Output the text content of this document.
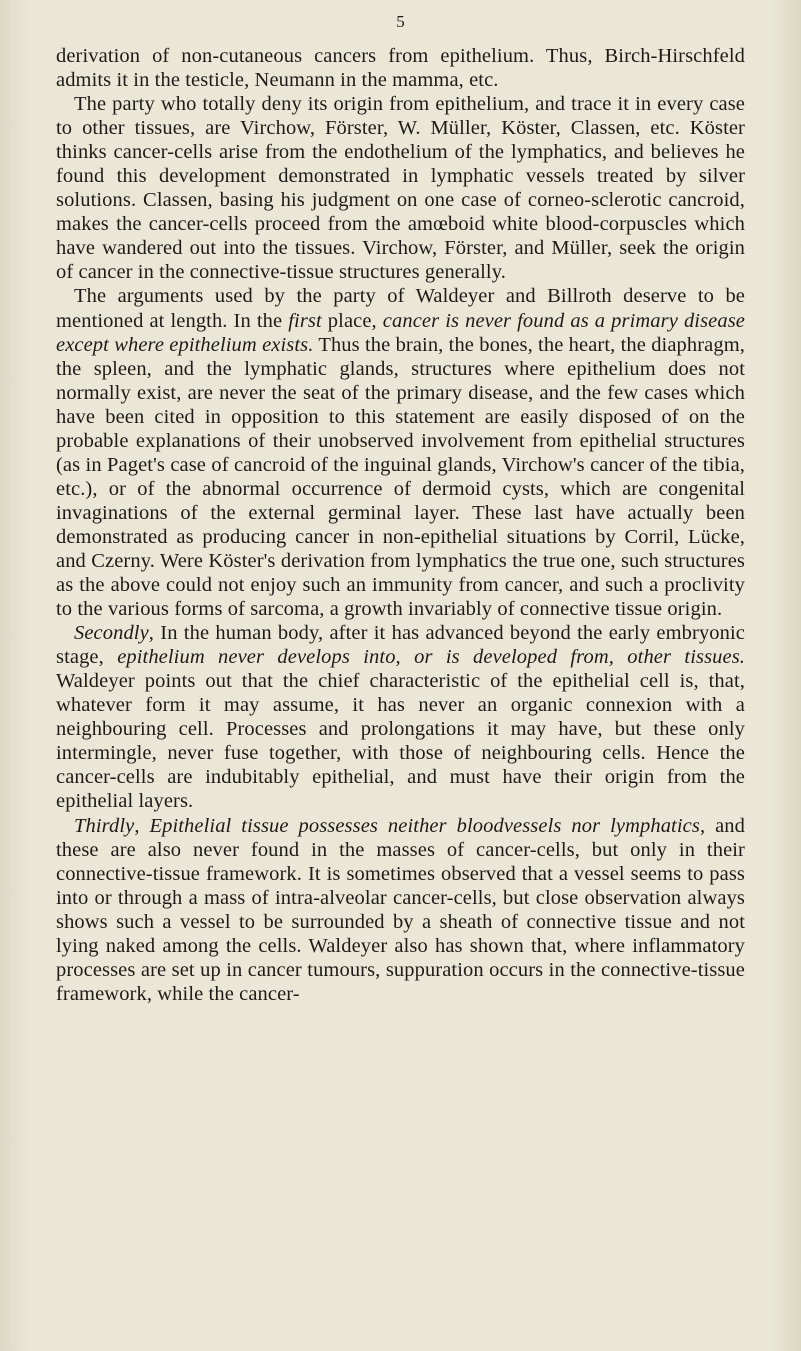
5

derivation of non-cutaneous cancers from epithelium. Thus, Birch-Hirschfeld admits it in the testicle, Neumann in the mamma, etc.

The party who totally deny its origin from epithelium, and trace it in every case to other tissues, are Virchow, Förster, W. Müller, Köster, Classen, etc. Köster thinks cancer-cells arise from the endothelium of the lymphatics, and believes he found this development demonstrated in lymphatic vessels treated by silver solutions. Classen, basing his judgment on one case of corneo-sclerotic cancroid, makes the cancer-cells proceed from the amœboid white blood-corpuscles which have wandered out into the tissues. Virchow, Förster, and Müller, seek the origin of cancer in the connective-tissue structures generally.

The arguments used by the party of Waldeyer and Billroth deserve to be mentioned at length. In the first place, cancer is never found as a primary disease except where epithelium exists. Thus the brain, the bones, the heart, the diaphragm, the spleen, and the lymphatic glands, structures where epithelium does not normally exist, are never the seat of the primary disease, and the few cases which have been cited in opposition to this statement are easily disposed of on the probable explanations of their unobserved involvement from epithelial structures (as in Paget's case of cancroid of the inguinal glands, Virchow's cancer of the tibia, etc.), or of the abnormal occurrence of dermoid cysts, which are congenital invaginations of the external germinal layer. These last have actually been demonstrated as producing cancer in non-epithelial situations by Corril, Lücke, and Czerny. Were Köster's derivation from lymphatics the true one, such structures as the above could not enjoy such an immunity from cancer, and such a proclivity to the various forms of sarcoma, a growth invariably of connective tissue origin.

Secondly, In the human body, after it has advanced beyond the early embryonic stage, epithelium never develops into, or is developed from, other tissues. Waldeyer points out that the chief characteristic of the epithelial cell is, that, whatever form it may assume, it has never an organic connexion with a neighbouring cell. Processes and prolongations it may have, but these only intermingle, never fuse together, with those of neighbouring cells. Hence the cancer-cells are indubitably epithelial, and must have their origin from the epithelial layers.

Thirdly, Epithelial tissue possesses neither bloodvessels nor lymphatics, and these are also never found in the masses of cancer-cells, but only in their connective-tissue framework. It is sometimes observed that a vessel seems to pass into or through a mass of intra-alveolar cancer-cells, but close observation always shows such a vessel to be surrounded by a sheath of connective tissue and not lying naked among the cells. Waldeyer also has shown that, where inflammatory processes are set up in cancer tumours, suppuration occurs in the connective-tissue framework, while the cancer-
